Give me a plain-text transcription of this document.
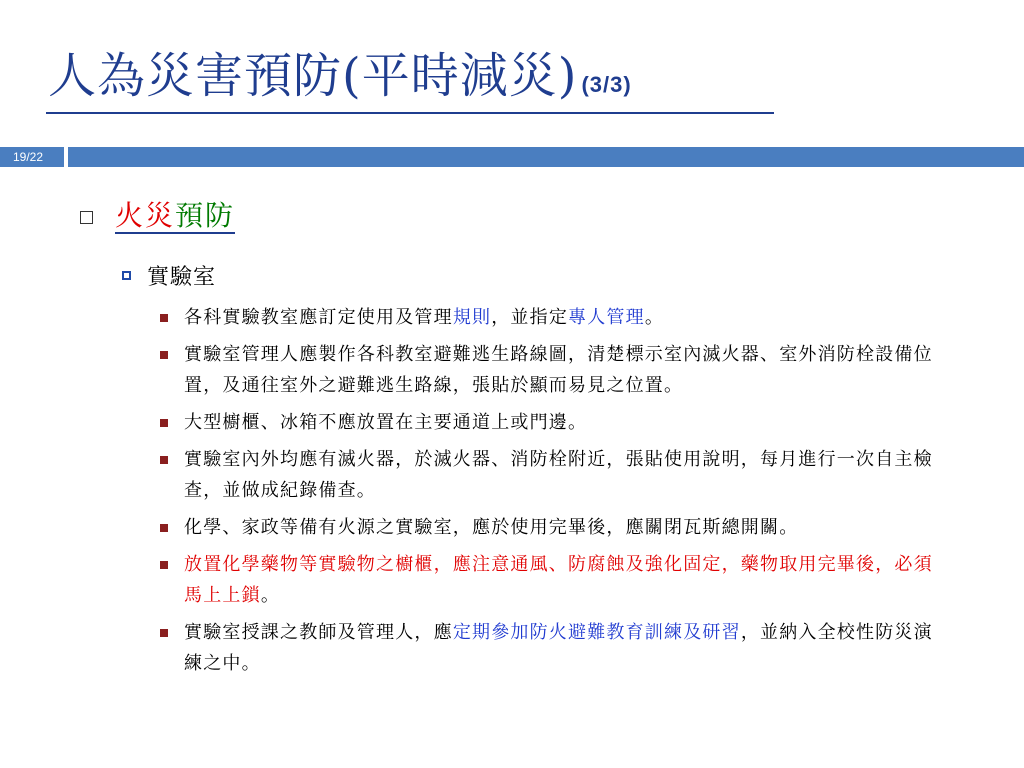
人為災害預防(平時減災) (3/3)
19/22
火災預防
實驗室
各科實驗教室應訂定使用及管理規則，並指定專人管理。
實驗室管理人應製作各科教室避難逃生路線圖，清楚標示室內滅火器、室外消防栓設備位置，及通往室外之避難逃生路線，張貼於顯而易見之位置。
大型櫥櫃、冰箱不應放置在主要通道上或門邊。
實驗室內外均應有滅火器，於滅火器、消防栓附近，張貼使用說明，每月進行一次自主檢查，並做成紀錄備查。
化學、家政等備有火源之實驗室，應於使用完畢後，應關閉瓦斯總開關。
放置化學藥物等實驗物之櫥櫃，應注意通風、防腐蝕及強化固定，藥物取用完畢後，必須馬上上鎖。
實驗室授課之教師及管理人，應定期參加防火避難教育訓練及研習，並納入全校性防災演練之中。
